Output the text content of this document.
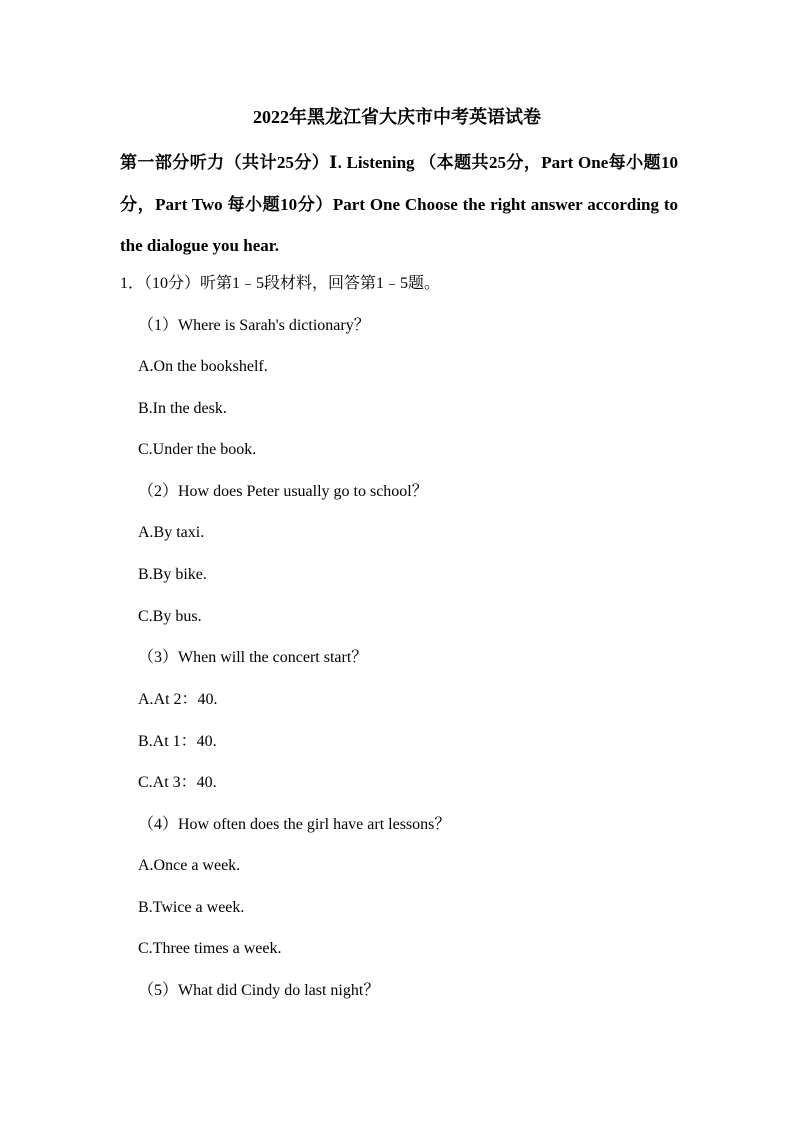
2022年黑龙江省大庆市中考英语试卷
第一部分听力（共计25分）Ⅰ. Listening （本题共25分，Part One每小题10分，Part Two 每小题10分）Part One Choose the right answer according to the dialogue you hear.
1．（10分）听第1﹣5段材料，回答第1﹣5题。
（1）Where is Sarah's dictionary？
A.On the bookshelf.
B.In the desk.
C.Under the book.
（2）How does Peter usually go to school？
A.By taxi.
B.By bike.
C.By bus.
（3）When will the concert start？
A.At 2：40.
B.At 1：40.
C.At 3：40.
（4）How often does the girl have art lessons？
A.Once a week.
B.Twice a week.
C.Three times a week.
（5）What did Cindy do last night？
